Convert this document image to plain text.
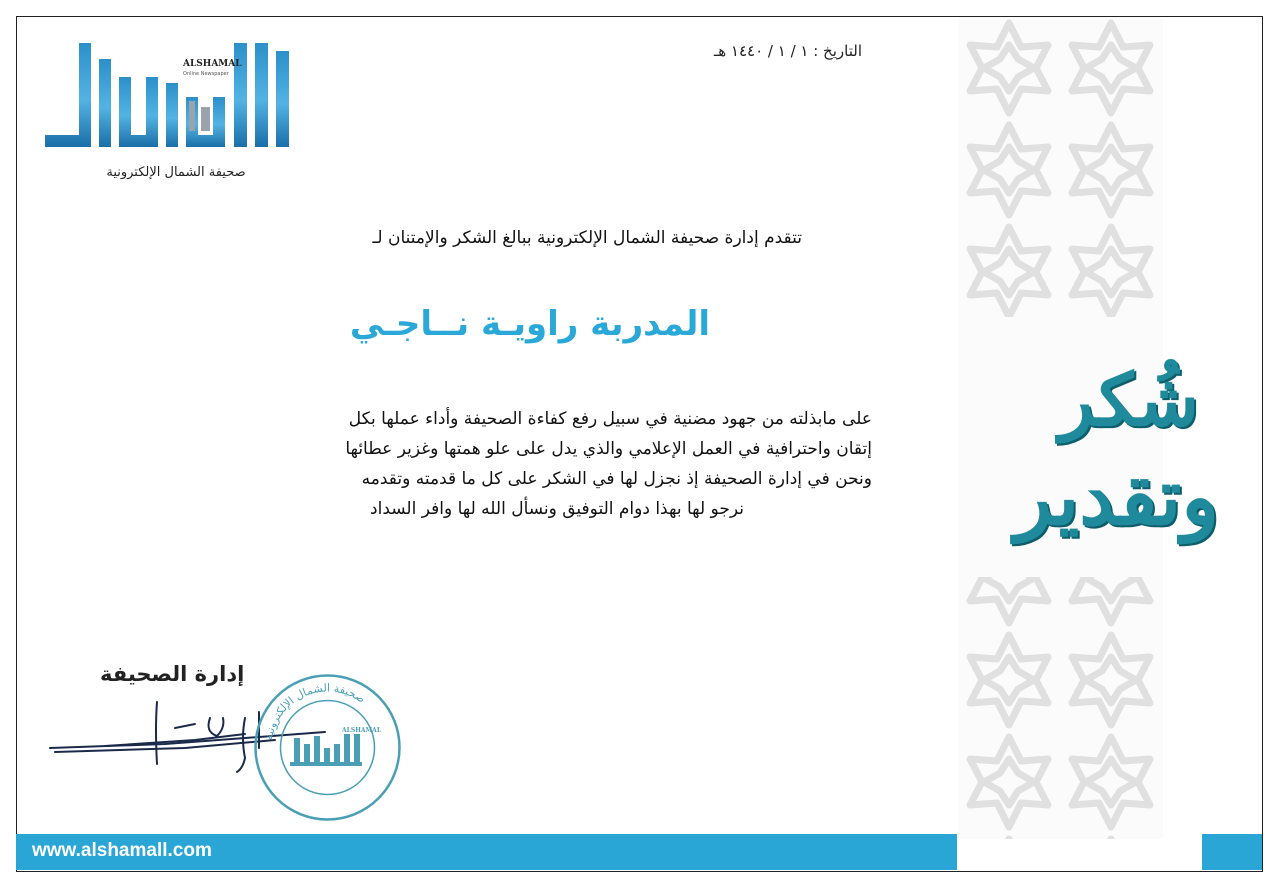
شُكر

وتقدير

ALSHAMAL

Online Newspaper

صحيفة الشمال الإلكترونية

التاريخ : ١ / ١ / ١٤٤٠ هـ

تتقدم إدارة صحيفة الشمال الإلكترونية ببالغ الشكر والإمتنان لـ

المدربة راويـة نــاجـي

على مابذلته من جهود مضنية في سبيل رفع كفاءة الصحيفة وأداء عملها بكل
إتقان واحترافية في العمل الإعلامي والذي يدل على علو همتها وغزير عطائها
ونحن في إدارة الصحيفة إذ نجزل لها في الشكر على كل ما قدمته وتقدمه

نرجو لها بهذا دوام التوفيق ونسأل الله لها وافر السداد

إدارة الصحيفة

صحيفة الشمال الإلكترونية
ALSHAMAL

www.alshamall.com
